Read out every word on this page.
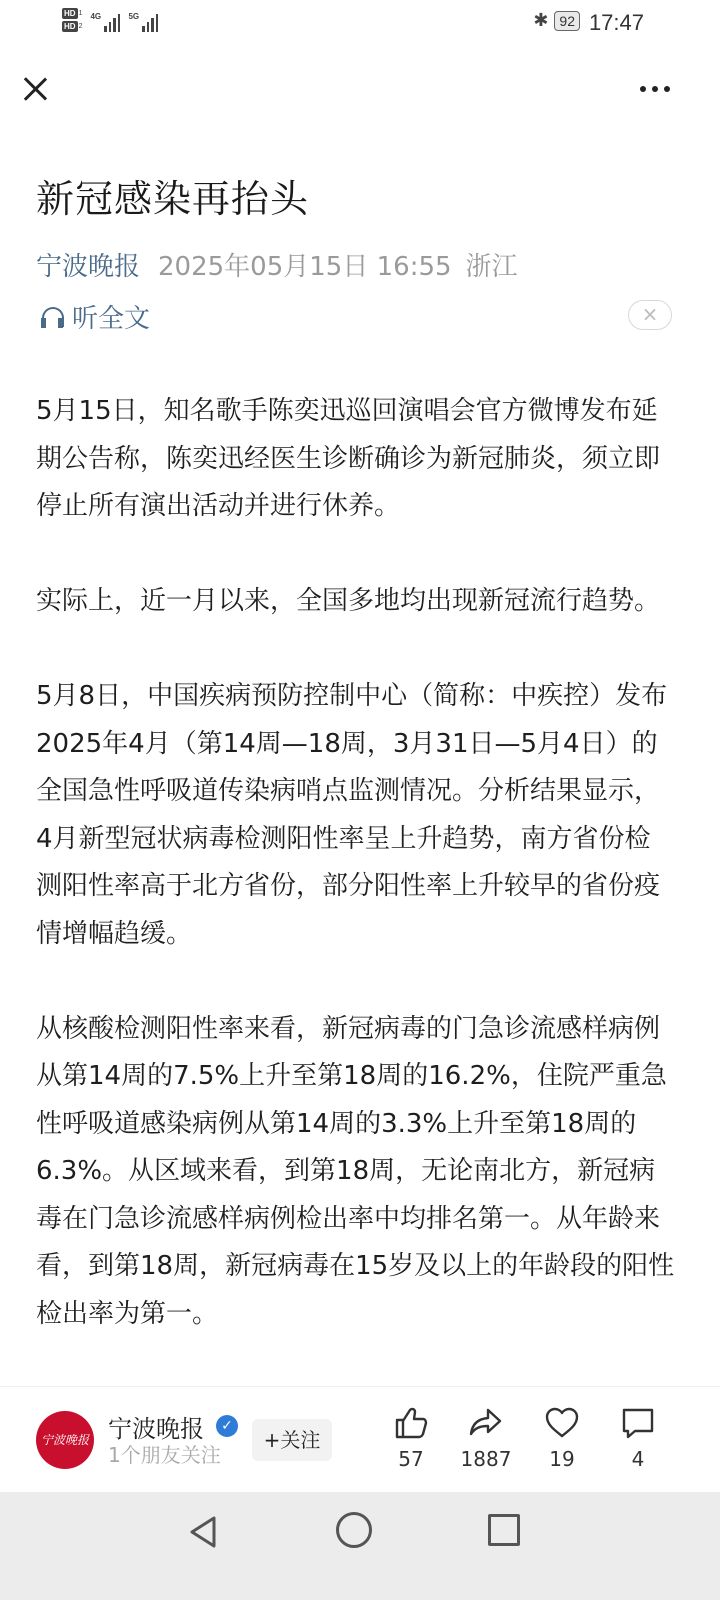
HD 1
HD 2
4G	5G	✱ 92 17:47
新冠感染再抬头
宁波晚报 2025年05月15日 16:55 浙江
听全文	×

5月15日，知名歌手陈奕迅巡回演唱会官方微博发布延期公告称，陈奕迅经医生诊断确诊为新冠肺炎，须立即停止所有演出活动并进行休养。

实际上，近一月以来，全国多地均出现新冠流行趋势。

5月8日，中国疾病预防控制中心（简称：中疾控）发布2025年4月（第14周—18周，3月31日—5月4日）的全国急性呼吸道传染病哨点监测情况。分析结果显示，4月新型冠状病毒检测阳性率呈上升趋势，南方省份检测阳性率高于北方省份，部分阳性率上升较早的省份疫情增幅趋缓。

从核酸检测阳性率来看，新冠病毒的门急诊流感样病例从第14周的7.5%上升至第18周的16.2%，住院严重急性呼吸道感染病例从第14周的3.3%上升至第18周的6.3%。从区域来看，到第18周，无论南北方，新冠病毒在门急诊流感样病例检出率中均排名第一。从年龄来看，到第18周，新冠病毒在15岁及以上的年龄段的阳性检出率为第一。

宁波晚报 宁波晚报	✓
1个朋友关注
+关注
57	1887	19	4
